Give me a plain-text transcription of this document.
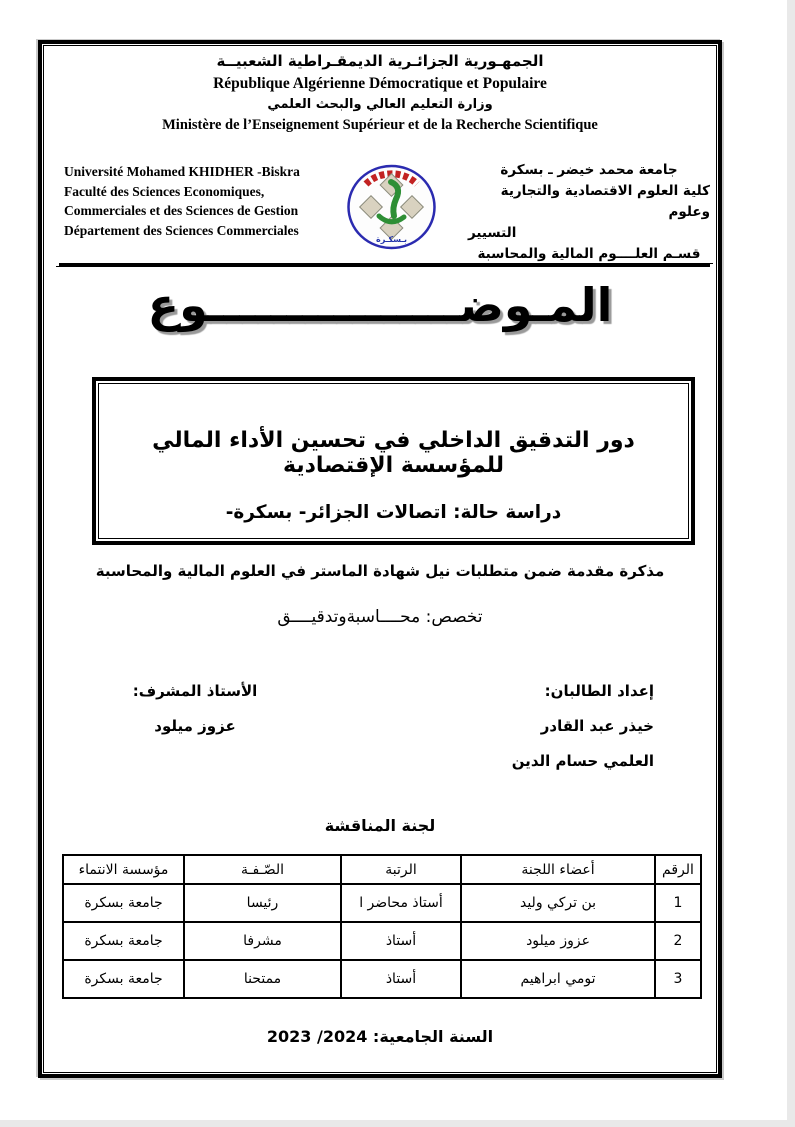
الجمهـورية الجزائـرية الديمقـراطية الشعبيــة
République Algérienne Démocratique et Populaire
وزارة التعليم العالي والبحث العلمي
Ministère de l’Enseignement Supérieur et de la Recherche Scientifique
Université Mohamed KHIDHER -Biskra
Faculté des Sciences Economiques,
Commerciales et des Sciences de Gestion
Département des Sciences Commerciales
بـسكـرة
جامعة محمد خيضر ـ بسكرة
كلية العلوم الاقتصادية والتجارية وعلوم
التسيير
قسـم العلــــوم المالية والمحاسبة
المـوضــــــــــــــــوع
دور التدقيق الداخلي في تحسين الأداء المالي للمؤسسة الإقتصادية
دراسة حالة: اتصالات الجزائر- بسكرة-
مذكرة مقدمة ضمن متطلبات نيل شهادة الماستر في العلوم المالية والمحاسبة
تخصص: محــــاسبةوتدقيــــق
إعداد الطالبان:
خيذر عبد القادر
العلمي حسام الدين
الأستاذ المشرف:
عزوز ميلود
لجنة المناقشة
الرقم	أعضاء اللجنة	الرتبة	الصّـفـة	مؤسسة الانتماء
1	بن تركي وليد	أستاذ محاضر ا	رئيسا	جامعة بسكرة
2	عزوز ميلود	أستاذ	مشرفا	جامعة بسكرة
3	تومي ابراهيم	أستاذ	ممتحنا	جامعة بسكرة
السنة الجامعية: 2024/ 2023
